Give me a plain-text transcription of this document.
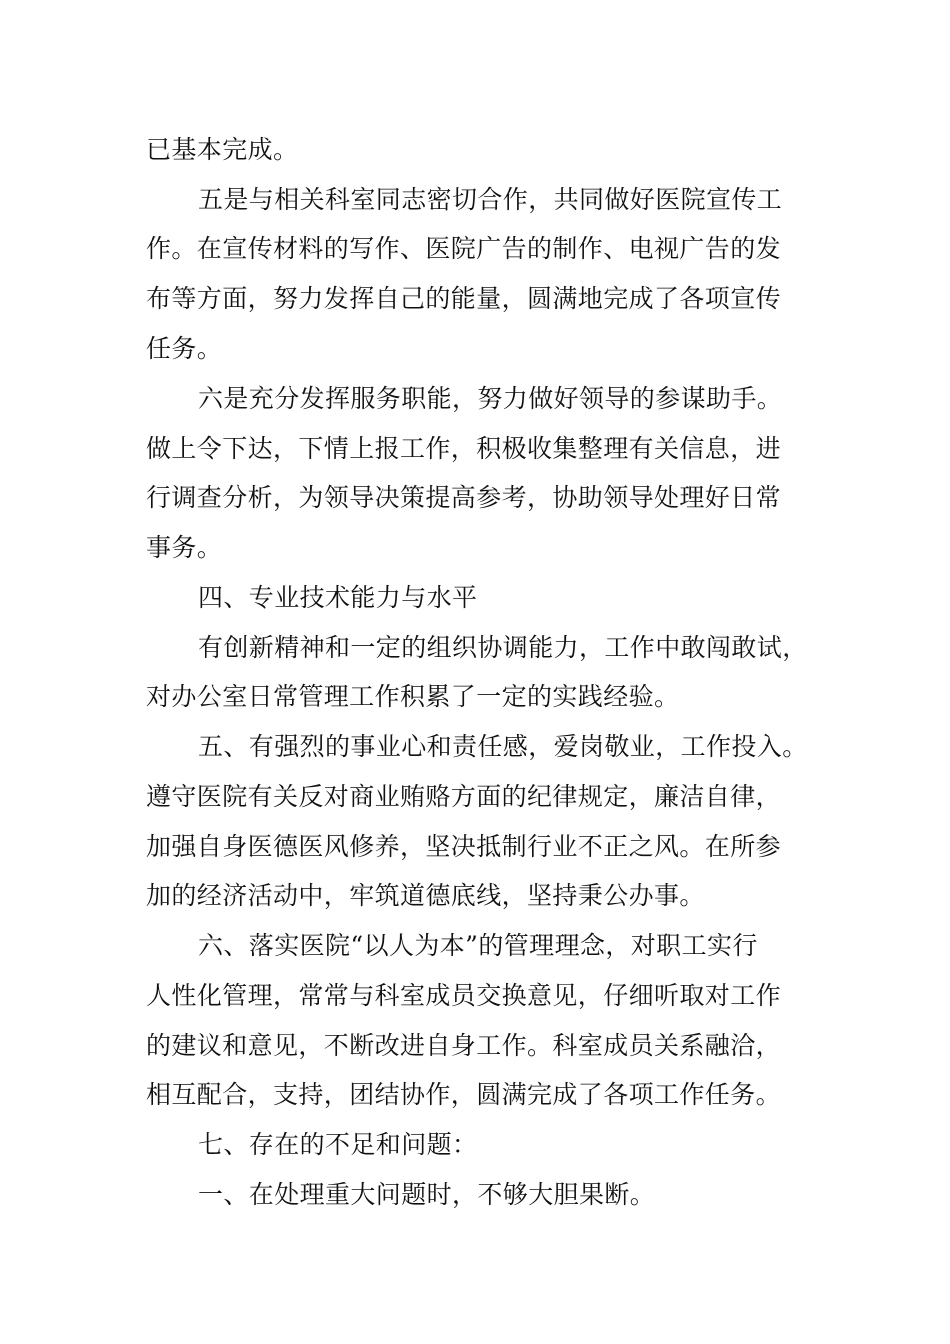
已基本完成。
五是与相关科室同志密切合作，共同做好医院宣传工
作。在宣传材料的写作、医院广告的制作、电视广告的发
布等方面，努力发挥自己的能量，圆满地完成了各项宣传
任务。
六是充分发挥服务职能，努力做好领导的参谋助手。
做上令下达，下情上报工作，积极收集整理有关信息，进
行调查分析，为领导决策提高参考，协助领导处理好日常
事务。
四、专业技术能力与水平
有创新精神和一定的组织协调能力，工作中敢闯敢试，
对办公室日常管理工作积累了一定的实践经验。
五、有强烈的事业心和责任感，爱岗敬业，工作投入。
遵守医院有关反对商业贿赂方面的纪律规定，廉洁自律，
加强自身医德医风修养，坚决抵制行业不正之风。在所参
加的经济活动中，牢筑道德底线，坚持秉公办事。
六、落实医院“以人为本”的管理理念，对职工实行
人性化管理，常常与科室成员交换意见，仔细听取对工作
的建议和意见，不断改进自身工作。科室成员关系融洽，
相互配合，支持，团结协作，圆满完成了各项工作任务。
七、存在的不足和问题：
一、在处理重大问题时，不够大胆果断。
